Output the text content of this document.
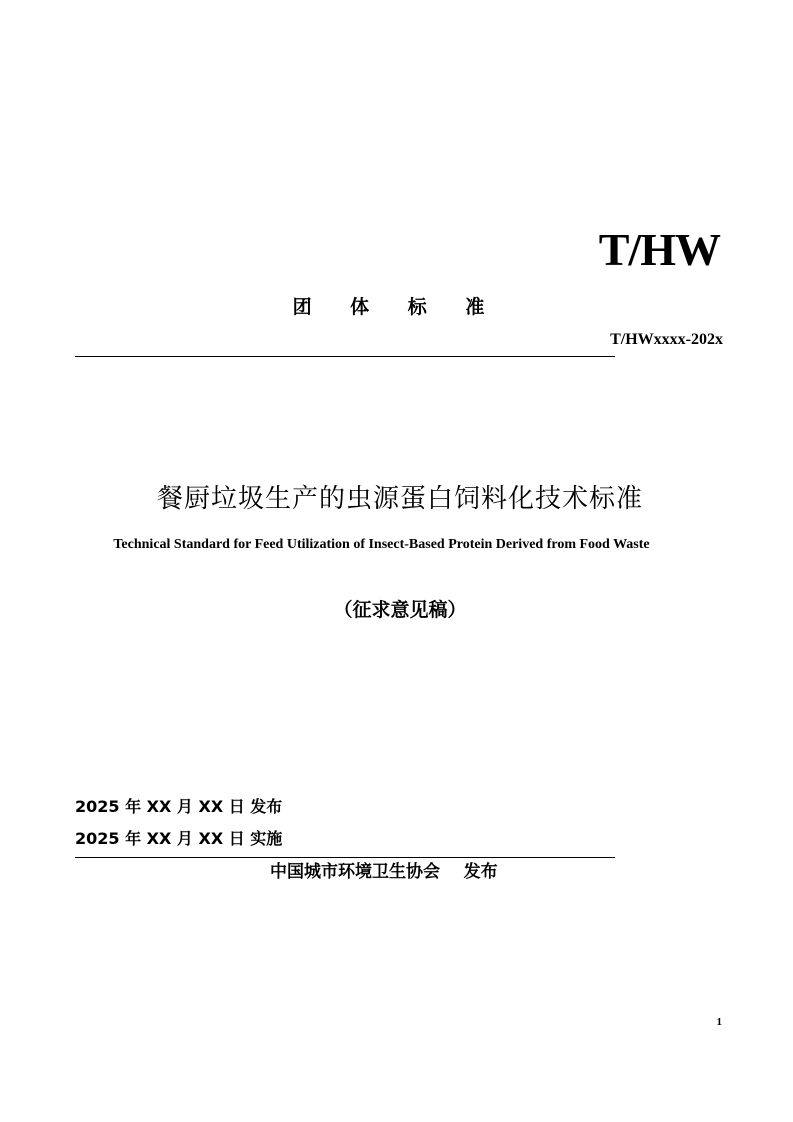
T/HW
团 体 标 准
T/HWxxxx-202x
餐厨垃圾生产的虫源蛋白饲料化技术标准
Technical Standard for Feed Utilization of Insect-Based Protein Derived from Food Waste
（征求意见稿）
2025 年 XX 月 XX 日 发布
2025 年 XX 月 XX 日 实施
中国城市环境卫生协会    发布
1
